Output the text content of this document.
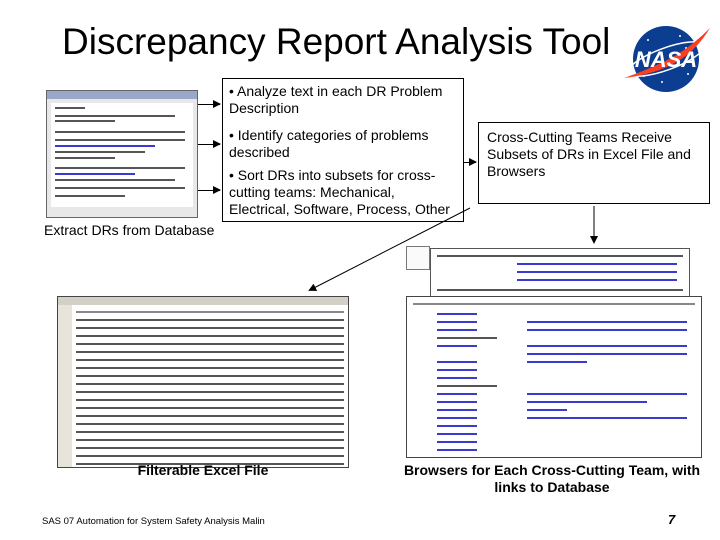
Discrepancy Report Analysis Tool NASA
• Analyze text in each DR Problem Description
• Identify categories of problems described
• Sort DRs into subsets for cross-cutting teams: Mechanical, Electrical, Software, Process, Other
Cross-Cutting Teams Receive Subsets of DRs in Excel File and Browsers
Extract DRs from Database
Filterable Excel File	Browsers for Each Cross-Cutting Team, with links to Database
SAS 07 Automation for System Safety Analysis Malin	7
